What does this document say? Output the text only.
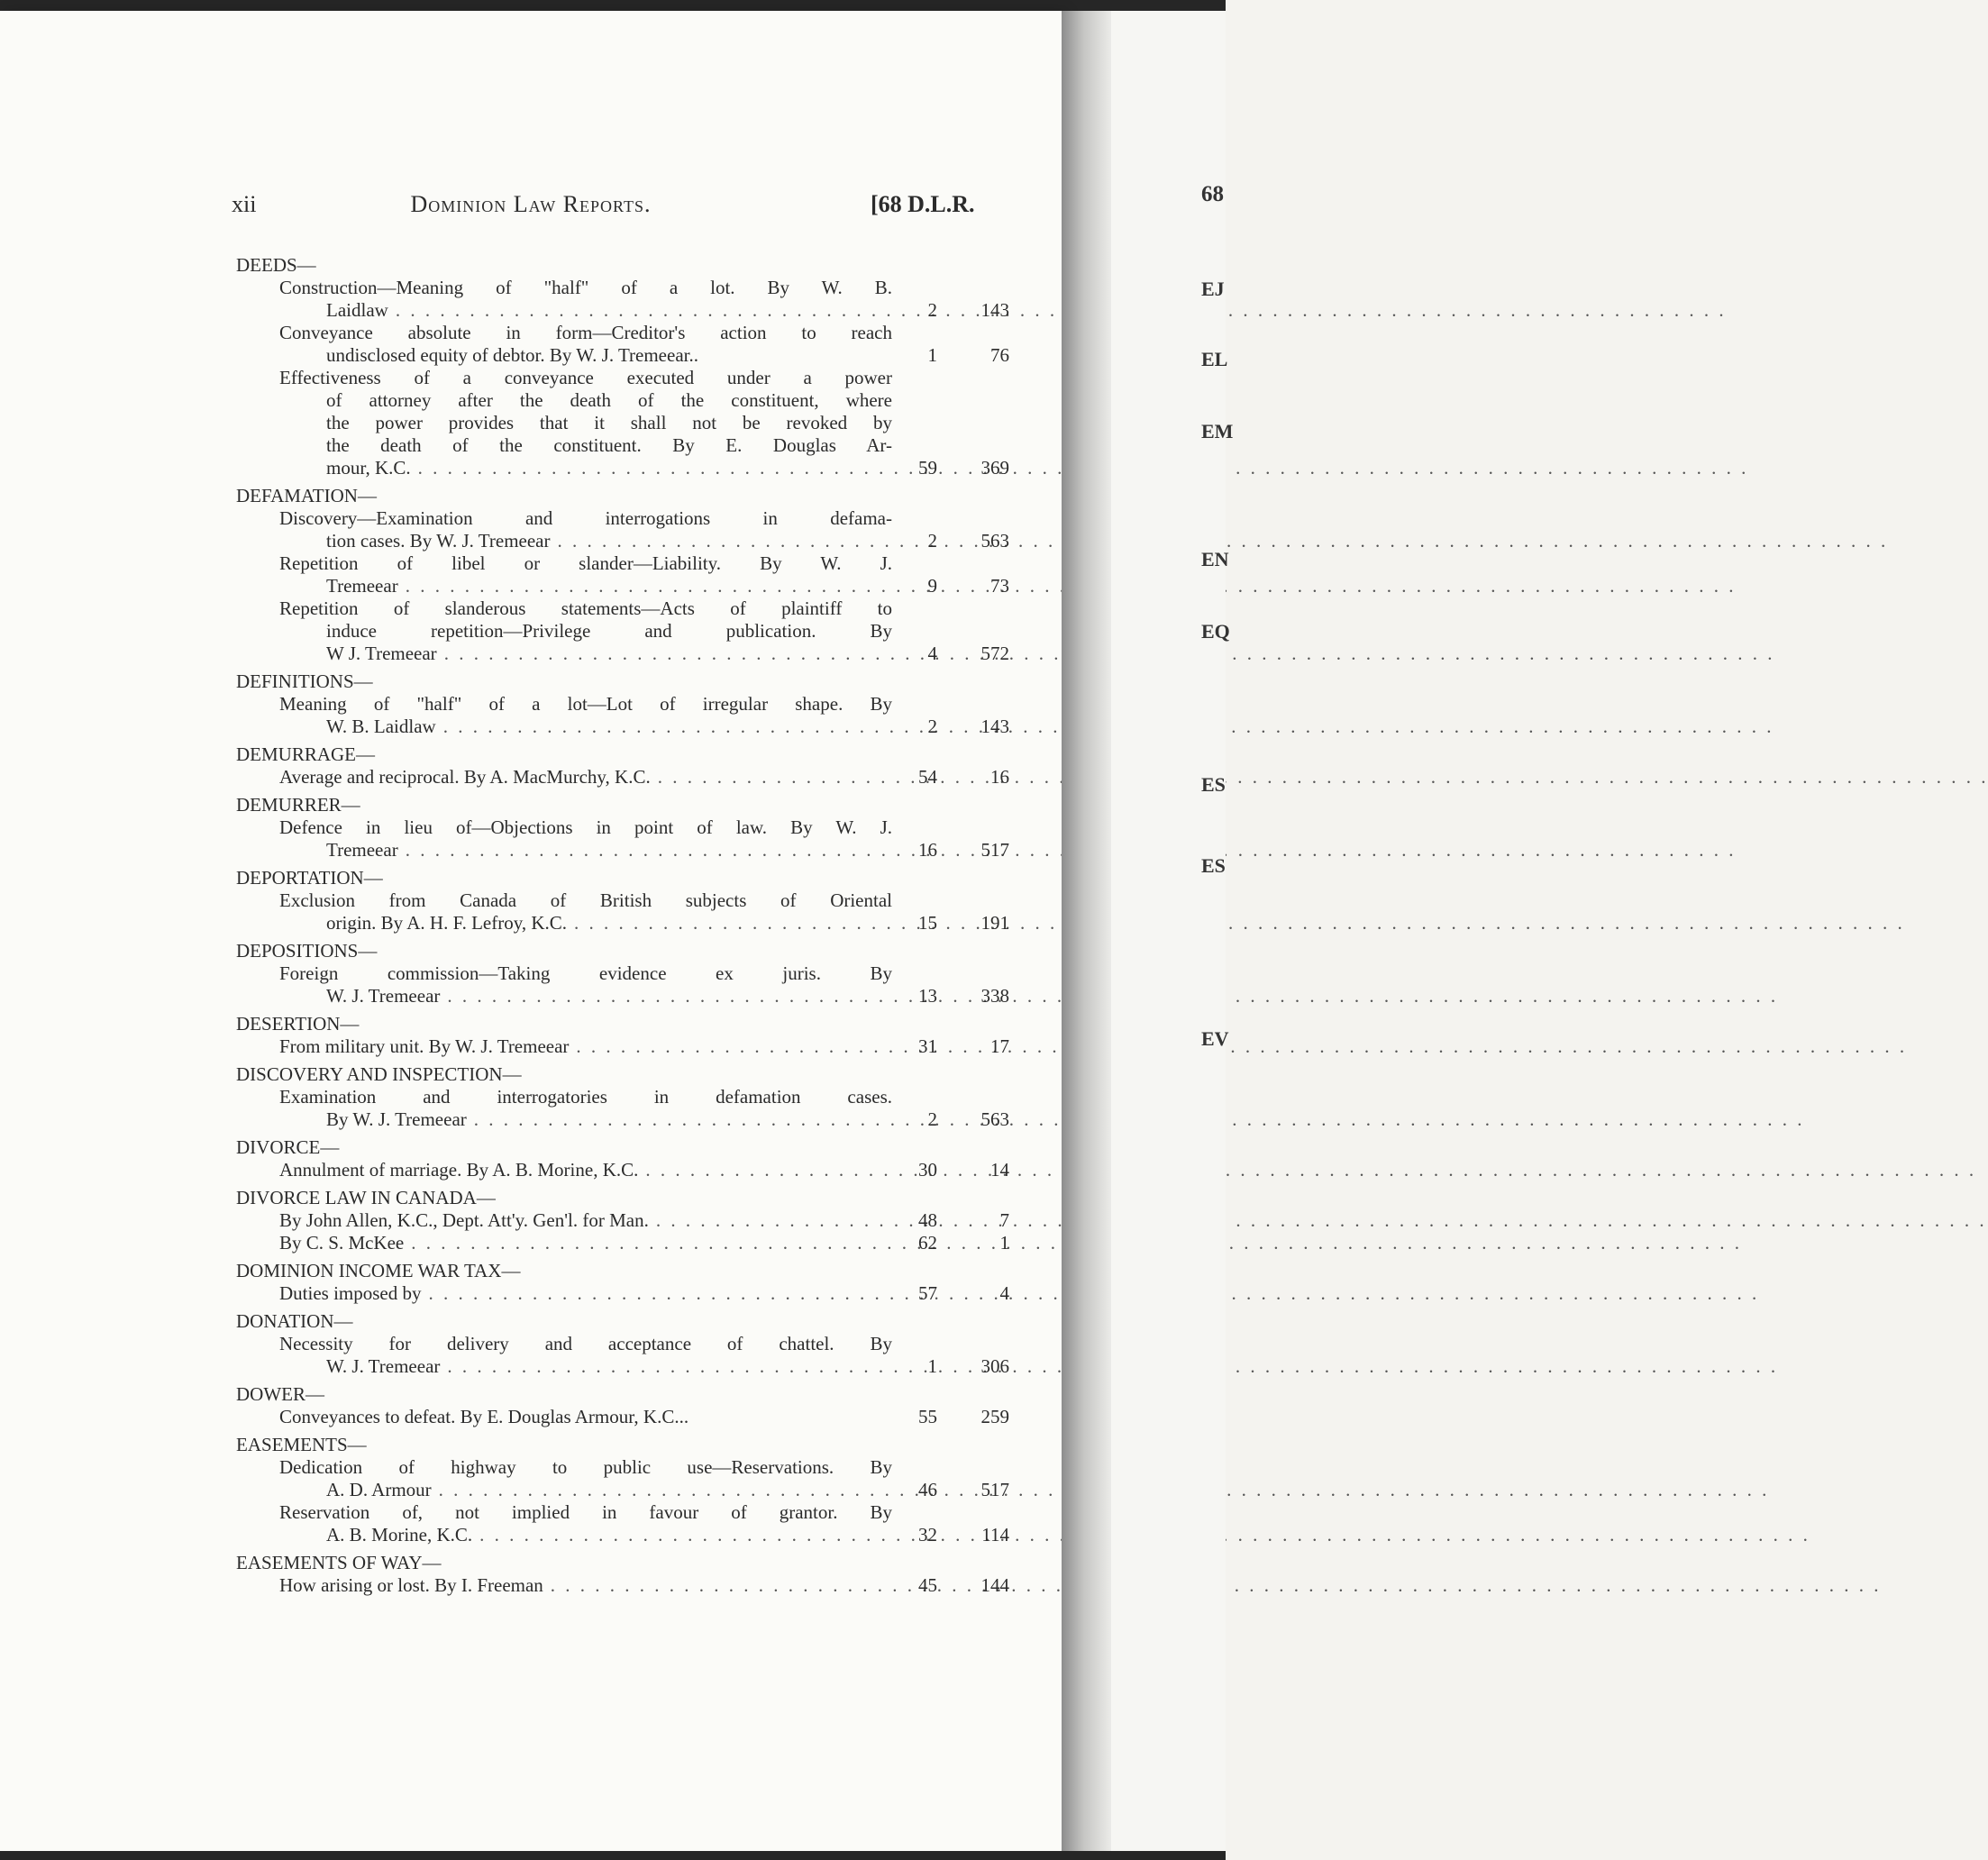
xii	Dominion Law Reports.	[68 D.L.R.
DEEDS—
Construction—Meaning of "half" of a lot. By W. B.
Laidlaw . . .	2 143
Conveyance absolute in form—Creditor's action to reach
undisclosed equity of debtor. By W. J. Tremeear..	1	76
Effectiveness of a conveyance executed under a power
of attorney after the death of the constituent, where
the power provides that it shall not be revoked by
the death of the constituent. By E. Douglas Ar-
mour, K.C. . . .	59 369
DEFAMATION—
Discovery—Examination and interrogations in defama-
tion cases. By W. J. Tremeear . . .	2 563
Repetition of libel or slander—Liability. By W. J.
Tremeear . . .	9	73
Repetition of slanderous statements—Acts of plaintiff to
induce repetition—Privilege and publication. By
W J. Tremeear . . .	4 572
DEFINITIONS—
Meaning of "half" of a lot—Lot of irregular shape. By
W. B. Laidlaw . . .	2 143
DEMURRAGE—
Average and reciprocal. By A. MacMurchy, K.C. . . .	54	16
DEMURRER—
Defence in lieu of—Objections in point of law. By W. J.
Tremeear . . .	16 517
DEPORTATION—
Exclusion from Canada of British subjects of Oriental
origin. By A. H. F. Lefroy, K.C. . . .	15 191
DEPOSITIONS—
Foreign commission—Taking evidence ex juris. By
W. J. Tremeear . . .	13 338
DESERTION—
From military unit. By W. J. Tremeear . . .	31	17
DISCOVERY AND INSPECTION—
Examination and interrogatories in defamation cases.
By W. J. Tremeear . . .	2 563
DIVORCE—
Annulment of marriage. By A. B. Morine, K.C. . . .	30	14
DIVORCE LAW IN CANADA—
By John Allen, K.C., Dept. Att'y. Gen'l. for Man. . . .	48	7
By C. S. McKee . . .	62	1
DOMINION INCOME WAR TAX—
Duties imposed by . . .	57	4
DONATION—
Necessity for delivery and acceptance of chattel. By
W. J. Tremeear . . .	1 306
DOWER—
Conveyances to defeat. By E. Douglas Armour, K.C...	55 259
EASEMENTS—
Dedication of highway to public use—Reservations. By
A. D. Armour . . .	46 517
Reservation of, not implied in favour of grantor. By
A. B. Morine, K.C. . . .	32 114
EASEMENTS OF WAY—
How arising or lost. By I. Freeman . . .	45 144
68
EJ
EL
EM
EN
EQ
ES
ES
EV
